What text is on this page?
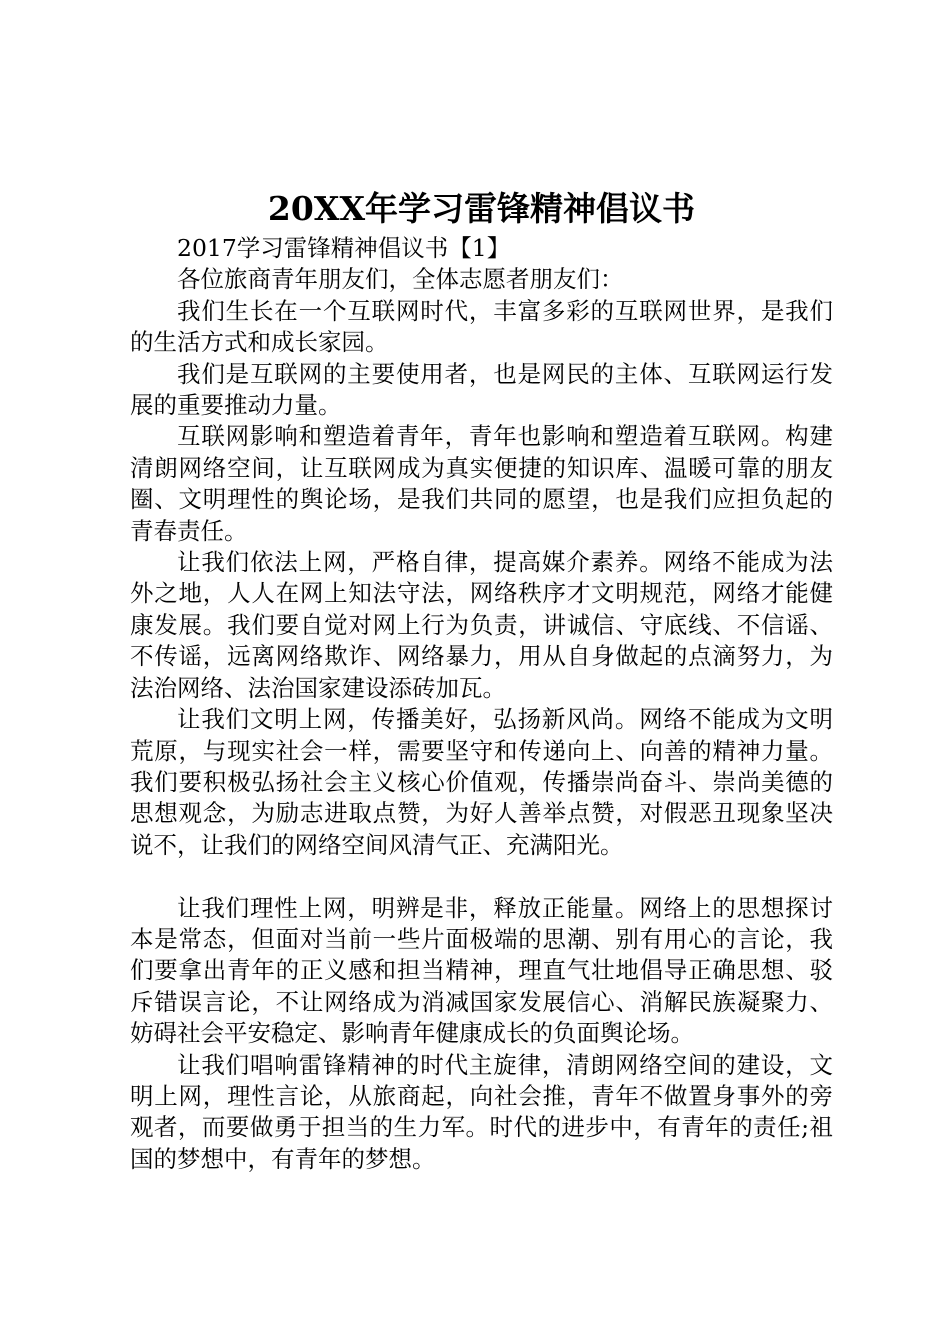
20XX年学习雷锋精神倡议书

2017学习雷锋精神倡议书【1】

各位旅商青年朋友们，全体志愿者朋友们：

我们生长在一个互联网时代，丰富多彩的互联网世界，是我们的生活方式和成长家园。

我们是互联网的主要使用者，也是网民的主体、互联网运行发展的重要推动力量。

互联网影响和塑造着青年，青年也影响和塑造着互联网。构建清朗网络空间，让互联网成为真实便捷的知识库、温暖可靠的朋友圈、文明理性的舆论场，是我们共同的愿望，也是我们应担负起的青春责任。

让我们依法上网，严格自律，提高媒介素养。网络不能成为法外之地，人人在网上知法守法，网络秩序才文明规范，网络才能健康发展。我们要自觉对网上行为负责，讲诚信、守底线、不信谣、不传谣，远离网络欺诈、网络暴力，用从自身做起的点滴努力，为法治网络、法治国家建设添砖加瓦。

让我们文明上网，传播美好，弘扬新风尚。网络不能成为文明荒原，与现实社会一样，需要坚守和传递向上、向善的精神力量。我们要积极弘扬社会主义核心价值观，传播崇尚奋斗、崇尚美德的思想观念，为励志进取点赞，为好人善举点赞，对假恶丑现象坚决说不，让我们的网络空间风清气正、充满阳光。

让我们理性上网，明辨是非，释放正能量。网络上的思想探讨本是常态，但面对当前一些片面极端的思潮、别有用心的言论，我们要拿出青年的正义感和担当精神，理直气壮地倡导正确思想、驳斥错误言论，不让网络成为消减国家发展信心、消解民族凝聚力、妨碍社会平安稳定、影响青年健康成长的负面舆论场。

让我们唱响雷锋精神的时代主旋律，清朗网络空间的建设，文明上网，理性言论，从旅商起，向社会推，青年不做置身事外的旁观者，而要做勇于担当的生力军。时代的进步中，有青年的责任;祖国的梦想中，有青年的梦想。
